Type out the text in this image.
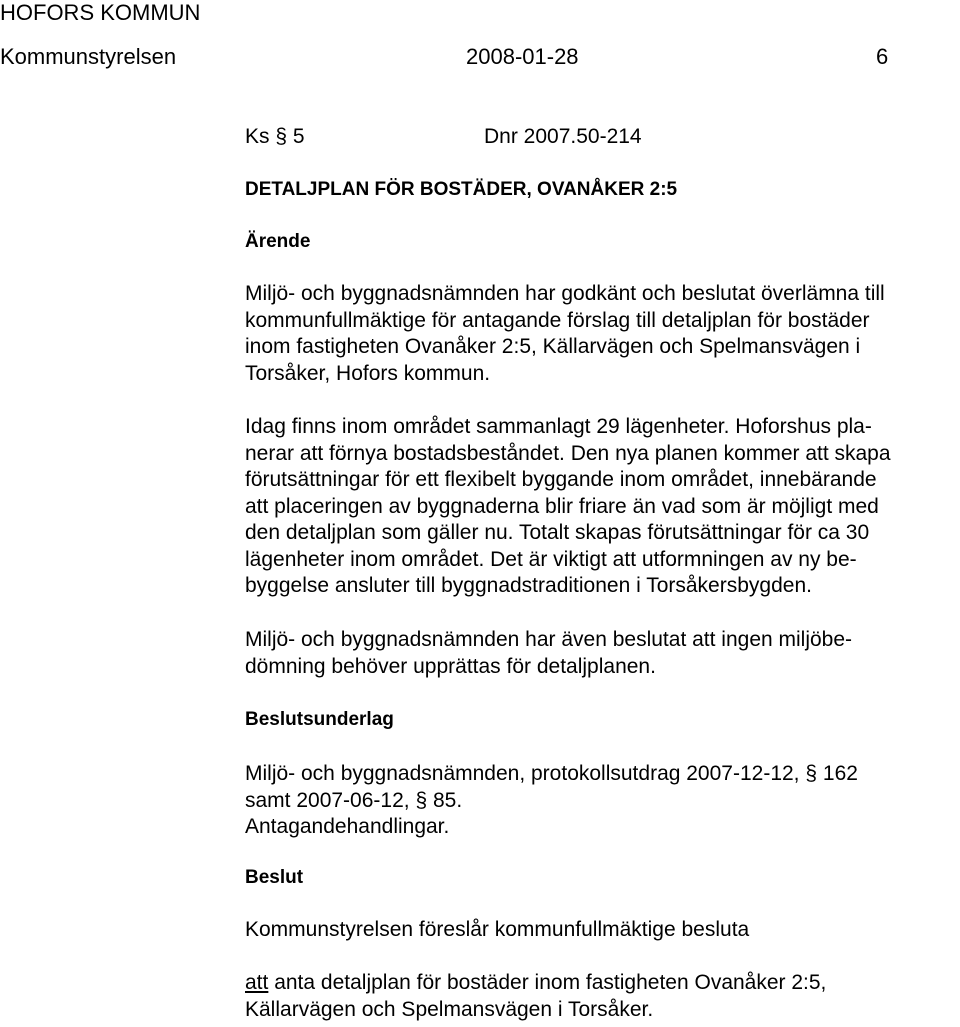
HOFORS KOMMUN
Kommunstyrelsen	2008-01-28	6
Ks § 5	Dnr 2007.50-214
DETALJPLAN FÖR BOSTÄDER, OVANÅKER 2:5
Ärende
Miljö- och byggnadsnämnden har godkänt och beslutat överlämna till
kommunfullmäktige för antagande förslag till detaljplan för bostäder
inom fastigheten Ovanåker 2:5, Källarvägen och Spelmansvägen i
Torsåker, Hofors kommun.
Idag finns inom området sammanlagt 29 lägenheter. Hoforshus pla-
nerar att förnya bostadsbeståndet. Den nya planen kommer att skapa
förutsättningar för ett flexibelt byggande inom området, innebärande
att placeringen av byggnaderna blir friare än vad som är möjligt med
den detaljplan som gäller nu. Totalt skapas förutsättningar för ca 30
lägenheter inom området. Det är viktigt att utformningen av ny be-
byggelse ansluter till byggnadstraditionen i Torsåkersbygden.
Miljö- och byggnadsnämnden har även beslutat att ingen miljöbe-
dömning behöver upprättas för detaljplanen.
Beslutsunderlag
Miljö- och byggnadsnämnden, protokollsutdrag 2007-12-12, § 162
samt 2007-06-12, § 85.
Antagandehandlingar.
Beslut
Kommunstyrelsen föreslår kommunfullmäktige besluta
att anta detaljplan för bostäder inom fastigheten Ovanåker 2:5,
Källarvägen och Spelmansvägen i Torsåker.
